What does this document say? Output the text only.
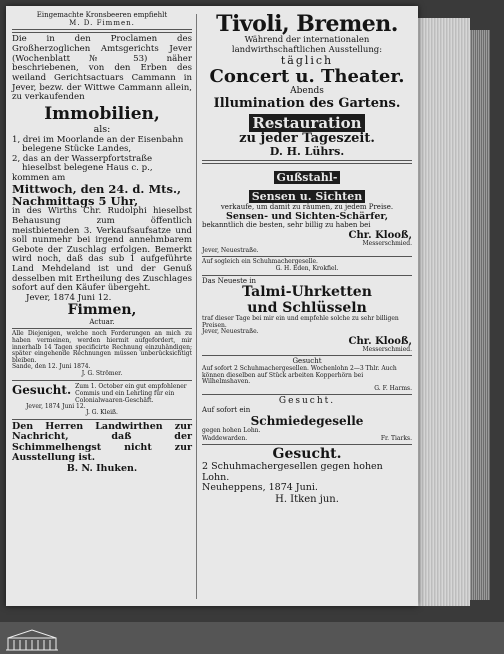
Eingemachte Kronsbeeren empfiehlt
M. D. Fimmen.
Die in den Proclamen des Großherzoglichen Amtsgerichts Jever (Wochenblatt № 53) näher beschriebenen, von den Erben des weiland Gerichtsactuars Cammann in Jever, bezw. der Wittwe Cammann allein, zu verkaufenden
Immobilien,
als:
1, drei im Moorlande an der Eisenbahn belegene Stücke Landes,
2, das an der Wasserpfortstraße hieselbst belegene Haus c. p.,
kommen am
Mittwoch, den 24. d. Mts., Nachmittags 5 Uhr,
in des Wirths Chr. Rudolphi hieselbst Behausung zum öffentlich meistbietenden 3. Verkaufsaufsatze und soll nunmehr bei irgend annehmbarem Gebote der Zuschlag erfolgen. Bemerkt wird noch, daß das sub 1 aufgeführte Land Mehdeland ist und der Genuß desselben mit Ertheilung des Zuschlages sofort auf den Käufer übergeht.
Jever, 1874 Juni 12.
Fimmen,
Actuar.
Alle Diejenigen, welche noch Forderungen an mich zu haben vermeinen, werden hiermit aufgefordert, mir innerhalb 14 Tagen specificirte Rechnung einzuhändigen; später eingehende Rechnungen müssen unberücksichtigt bleiben.
Sande, den 12. Juni 1874.
J. G. Strömer.
Gesucht. Zum 1. October ein gut empfohlener Commis und ein Lehrling für ein Colonialwaaren-Geschäft.
Jever, 1874 Juni 12.
J. G. Kleiß.
Den Herren Landwirthen zur Nachricht, daß der Schimmelhengst nicht zur Ausstellung ist.
B. N. Ihuken.
Tivoli, Bremen.
Während der internationalen landwirthschaftlichen Ausstellung:
täglich
Concert u. Theater.
Abends
Illumination des Gartens.
Restauration
zu jeder Tageszeit.
D. H. Lührs.
Gußstahl-
Sensen u. Sichten
verkaufe, um damit zu räumen, zu jedem Preise.
Sensen- und Sichten-Schärfer,
bekanntlich die besten, sehr billig zu haben bei
Chr. Klooß,
Messerschmied.
Jever, Neuestraße.
Auf sogleich ein Schuhmachergeselle.
G. H. Eden, Krokfiel.
Das Neueste in
Talmi-Uhrketten
und Schlüsseln
traf dieser Tage bei mir ein und empfehle solche zu sehr billigen Preisen.
Jever, Neuestraße.
Chr. Klooß,
Messerschmied.
Gesucht
Auf sofort 2 Schuhmachergesellen. Wochenlohn 2—3 Thlr. Auch können dieselben auf Stück arbeiten Kopperhörn bei Wilhelmshaven.
G. F. Harms.
Gesucht.
Auf sofort ein
Schmiedegeselle
gegen hohen Lohn.
Waddewarden.	Fr. Tiarks.
Gesucht.
2 Schuhmachergesellen gegen hohen Lohn.
Neuheppens, 1874 Juni.
H. Itken jun.
